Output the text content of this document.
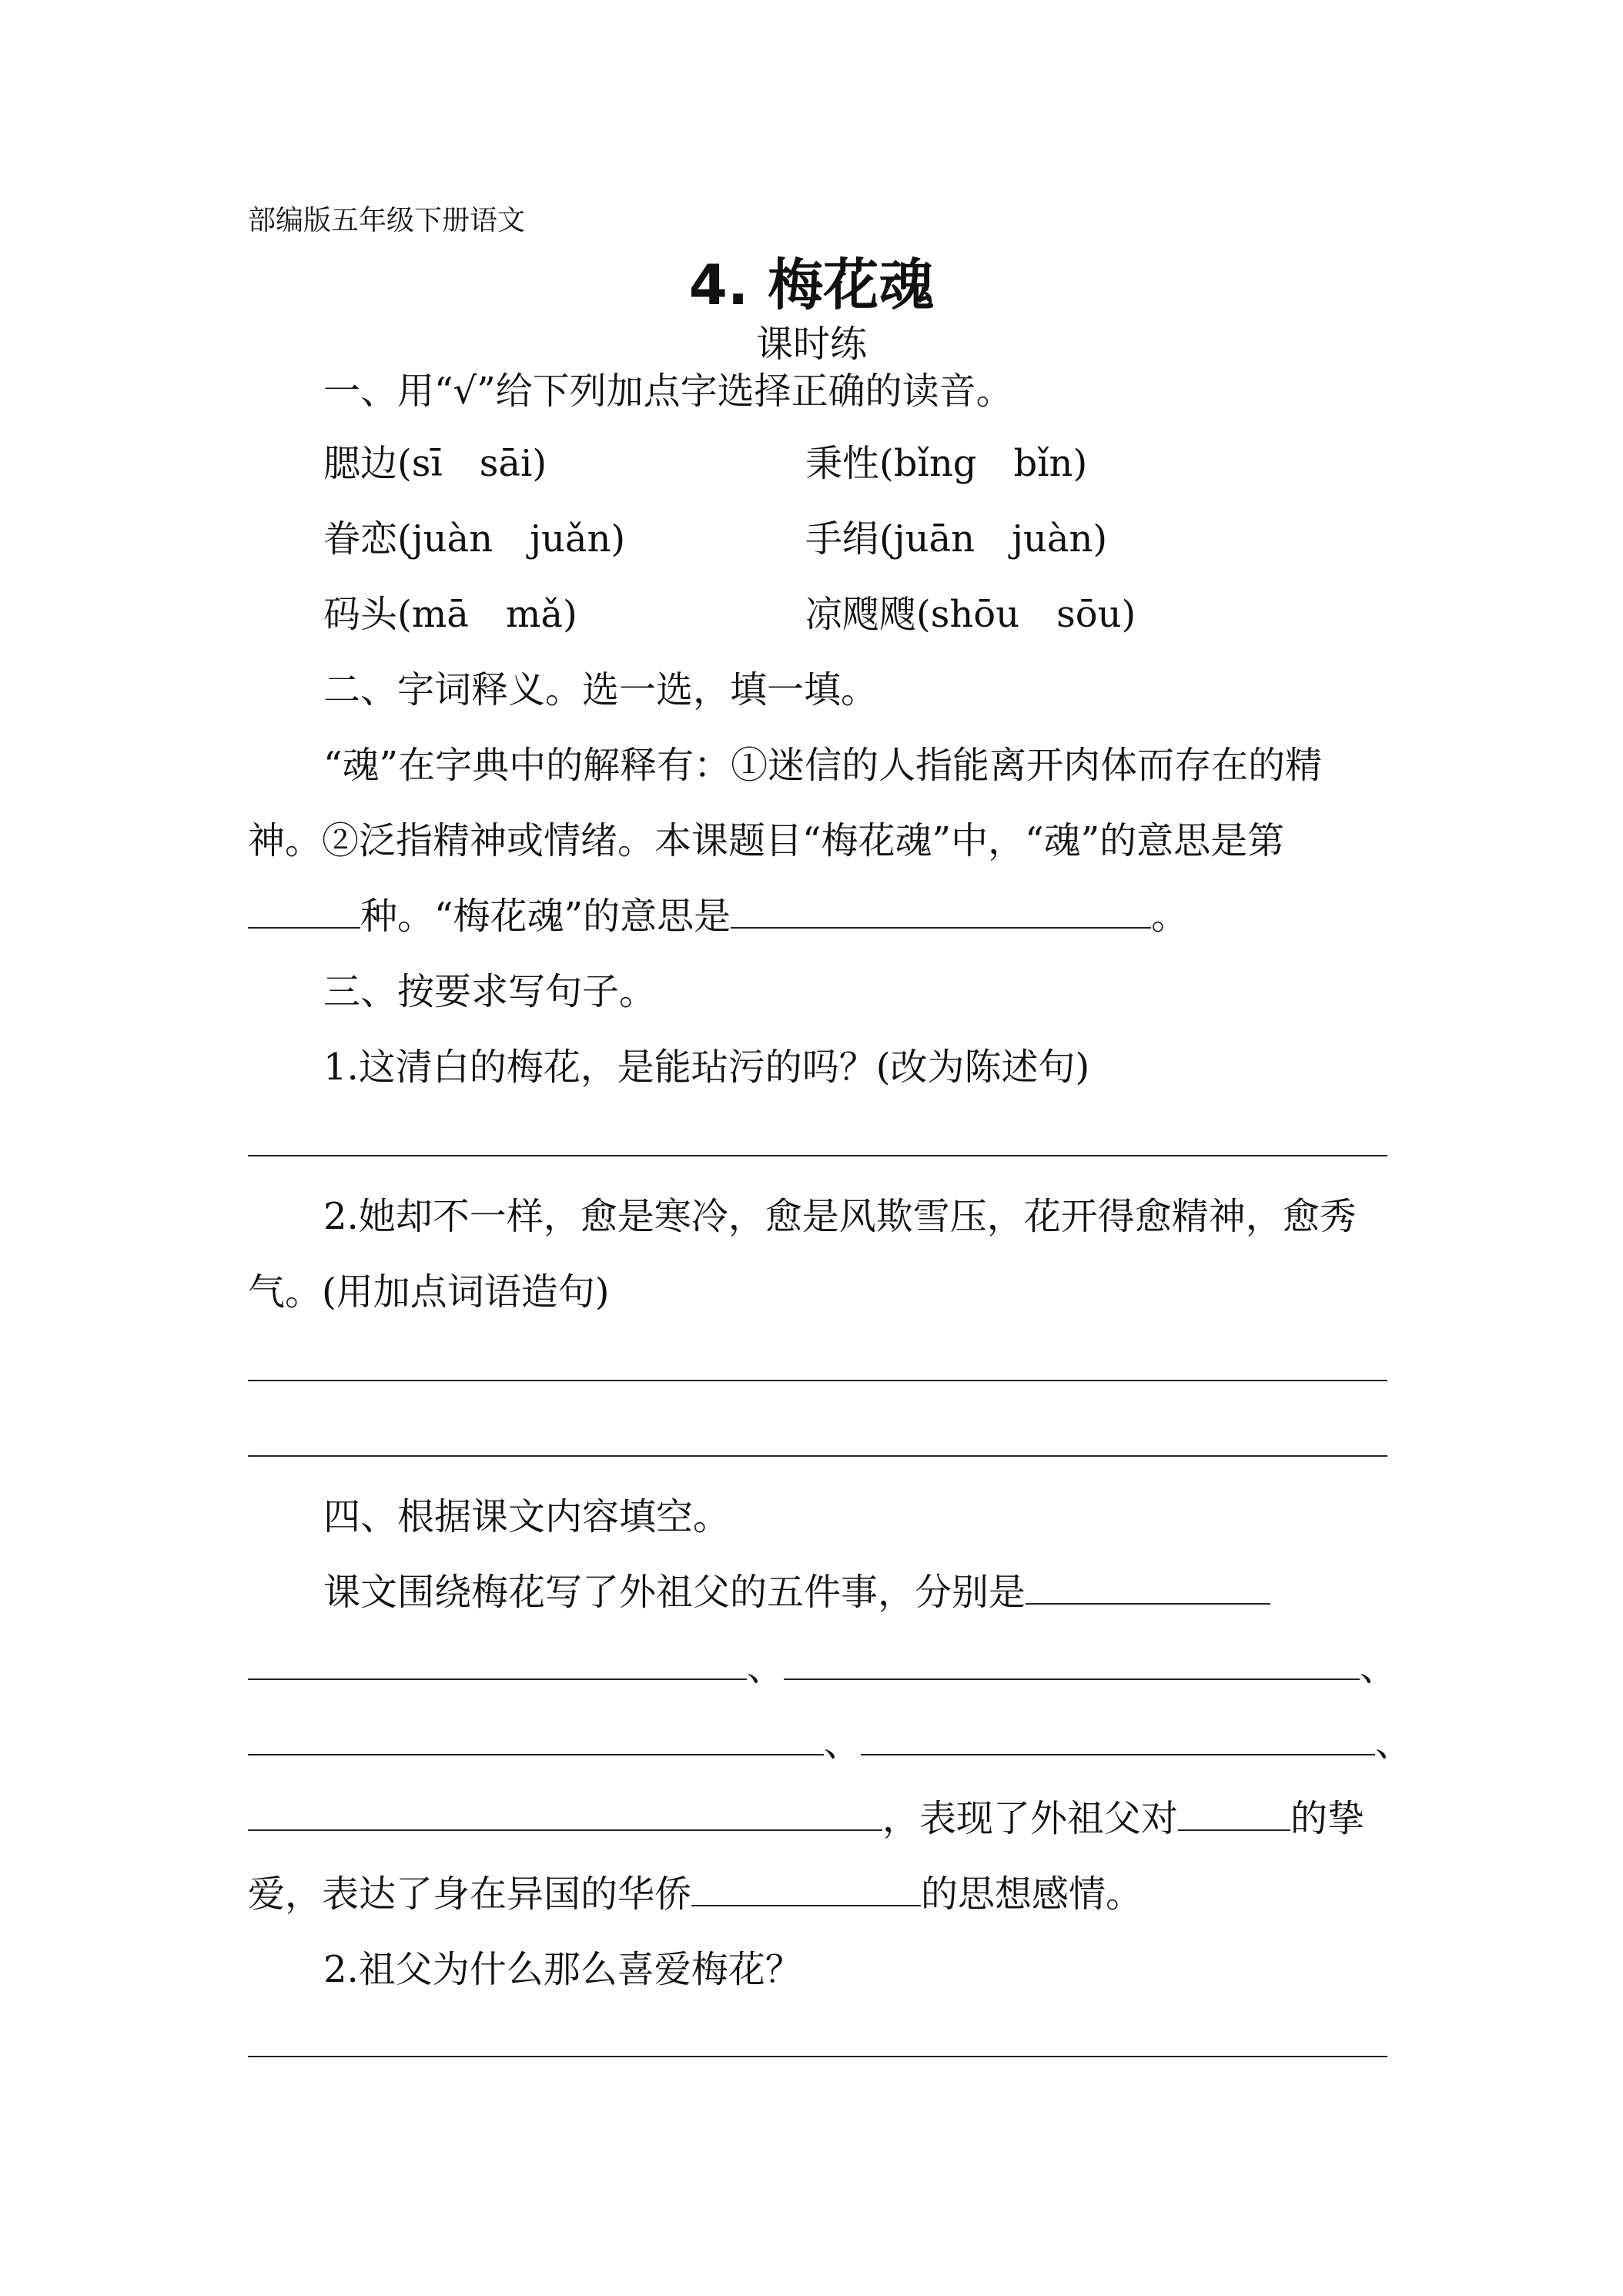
部编版五年级下册语文
4. 梅花魂
课时练
一、用“√”给下列加点字选择正确的读音。
腮边(sī　sāi)	秉性(bǐng　bǐn)
眷恋(juàn　juǎn)	手绢(juān　juàn)
码头(mā　mǎ)	凉飕飕(shōu　sōu)
二、字词释义。选一选，填一填。
“魂”在字典中的解释有：①迷信的人指能离开肉体而存在的精
神。②泛指精神或情绪。本课题目“梅花魂”中，“魂”的意思是第
种。“梅花魂”的意思是	。
三、按要求写句子。
1.这清白的梅花，是能玷污的吗？(改为陈述句)
2.她却不一样，愈是寒冷，愈是风欺雪压，花开得愈精神，愈秀
气。(用加点词语造句)
四、根据课文内容填空。
课文围绕梅花写了外祖父的五件事，分别是
、	、
、	、
，表现了外祖父对	的挚
爱，表达了身在异国的华侨	的思想感情。
2.祖父为什么那么喜爱梅花？
